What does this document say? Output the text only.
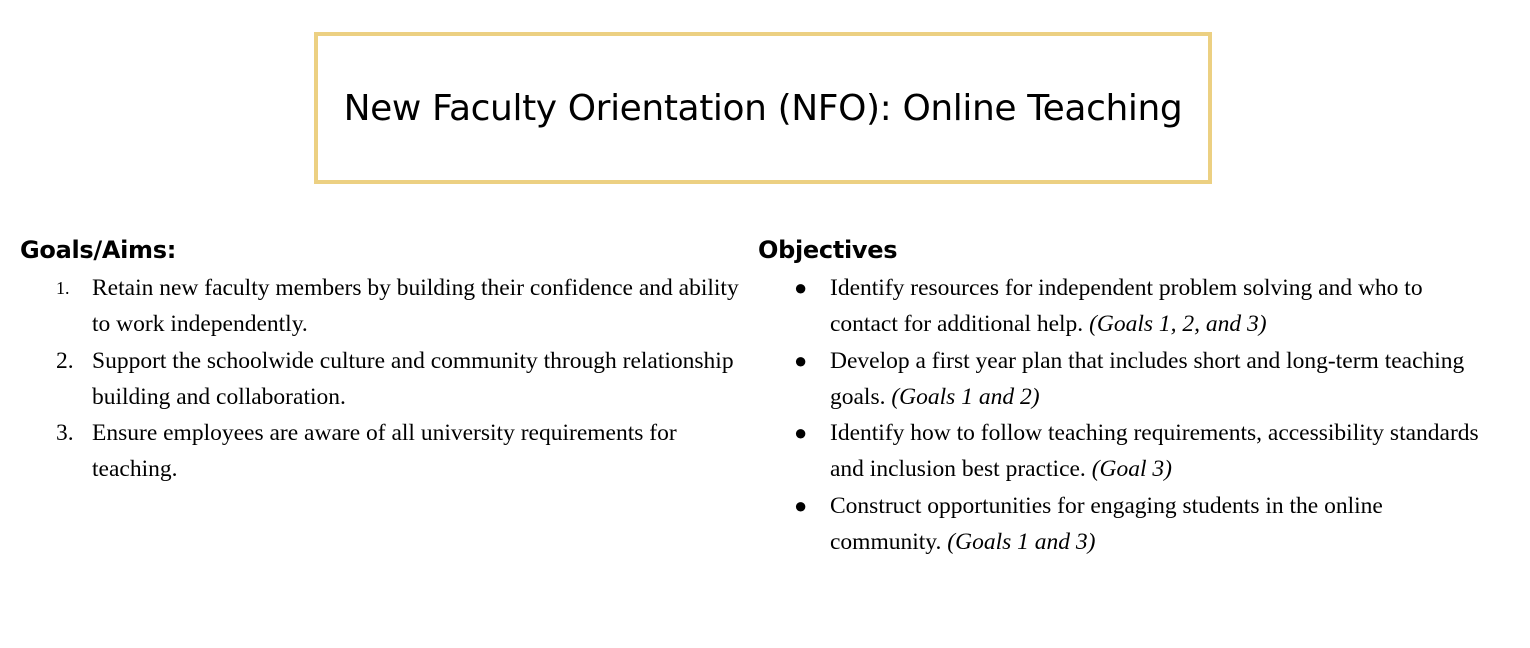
New Faculty Orientation (NFO): Online Teaching
Goals/Aims:
1. Retain new faculty members by building their confidence and ability to work independently.
2. Support the schoolwide culture and community through relationship building and collaboration.
3. Ensure employees are aware of all university requirements for teaching.
Objectives
● Identify resources for independent problem solving and who to contact for additional help. (Goals 1, 2, and 3)
● Develop a first year plan that includes short and long-term teaching goals. (Goals 1 and 2)
● Identify how to follow teaching requirements, accessibility standards and inclusion best practice. (Goal 3)
● Construct opportunities for engaging students in the online community. (Goals 1 and 3)
